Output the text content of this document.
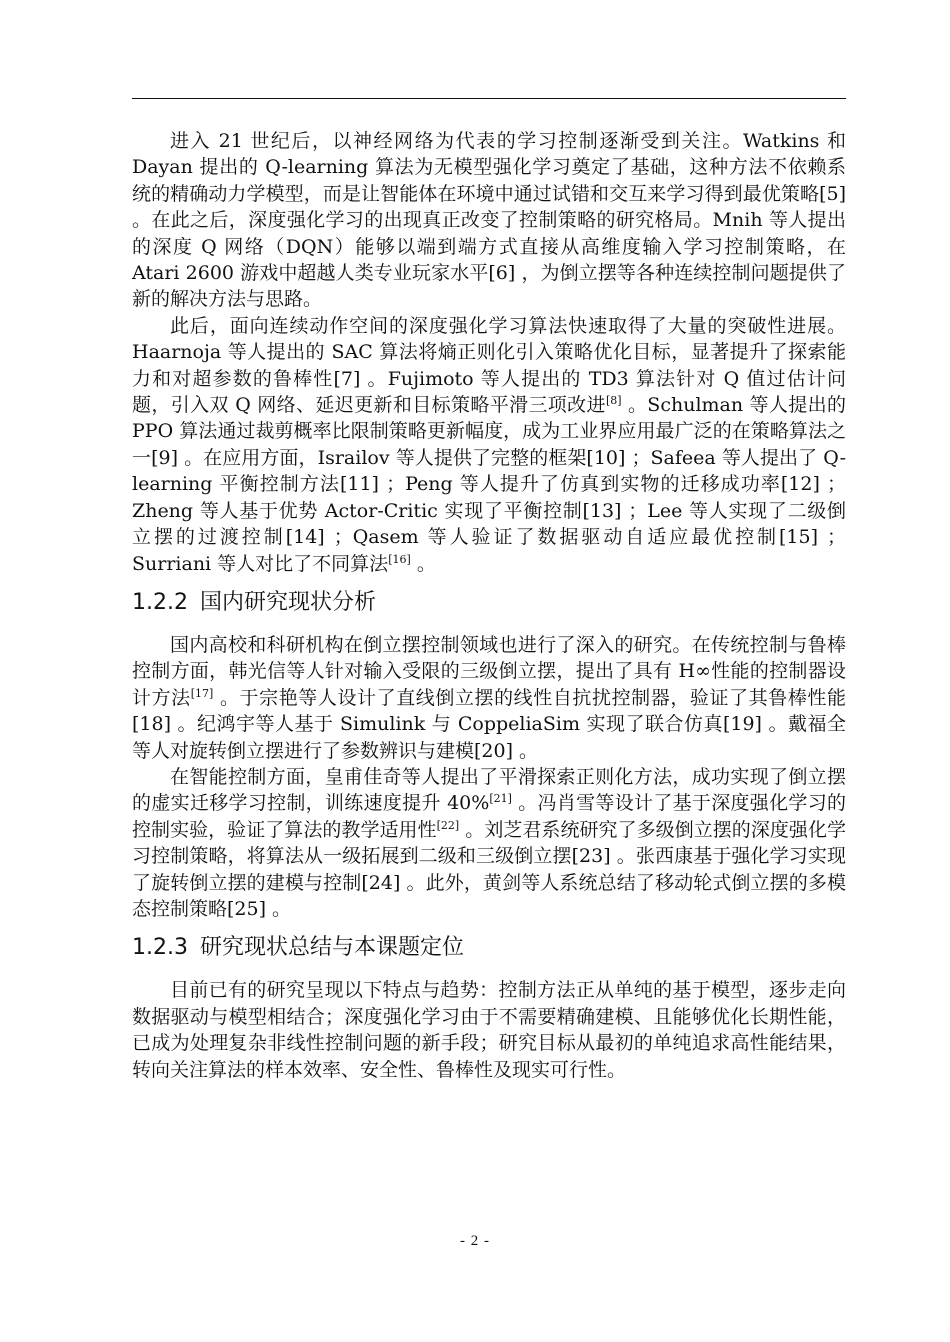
进入 21 世纪后，以神经网络为代表的学习控制逐渐受到关注。Watkins 和 Dayan 提出的 Q-learning 算法为无模型强化学习奠定了基础，这种方法不依赖系统的精确动力学模型，而是让智能体在环境中通过试错和交互来学习得到最优策略[5] 。在此之后，深度强化学习的出现真正改变了控制策略的研究格局。Mnih 等人提出的深度 Q 网络（DQN）能够以端到端方式直接从高维度输入学习控制策略，在 Atari 2600 游戏中超越人类专业玩家水平[6] ，为倒立摆等各种连续控制问题提供了新的解决方法与思路。

此后，面向连续动作空间的深度强化学习算法快速取得了大量的突破性进展。Haarnoja 等人提出的 SAC 算法将熵正则化引入策略优化目标，显著提升了探索能力和对超参数的鲁棒性[7] 。Fujimoto 等人提出的 TD3 算法针对 Q 值过估计问题，引入双 Q 网络、延迟更新和目标策略平滑三项改进[8] 。Schulman 等人提出的 PPO 算法通过裁剪概率比限制策略更新幅度，成为工业界应用最广泛的在策略算法之一[9] 。在应用方面，Israilov 等人提供了完整的框架[10] ；Safeea 等人提出了 Q-learning 平衡控制方法[11] ；Peng 等人提升了仿真到实物的迁移成功率[12] ；Zheng 等人基于优势 Actor-Critic 实现了平衡控制[13] ；Lee 等人实现了二级倒立摆的过渡控制[14] ；Qasem 等人验证了数据驱动自适应最优控制[15] ；Surriani 等人对比了不同算法[16] 。

1.2.2 国内研究现状分析

国内高校和科研机构在倒立摆控制领域也进行了深入的研究。在传统控制与鲁棒控制方面，韩光信等人针对输入受限的三级倒立摆，提出了具有 H∞性能的控制器设计方法[17] 。于宗艳等人设计了直线倒立摆的线性自抗扰控制器，验证了其鲁棒性能[18] 。纪鸿宇等人基于 Simulink 与 CoppeliaSim 实现了联合仿真[19] 。戴福全等人对旋转倒立摆进行了参数辨识与建模[20] 。

在智能控制方面，皇甫佳奇等人提出了平滑探索正则化方法，成功实现了倒立摆的虚实迁移学习控制，训练速度提升 40%[21] 。冯肖雪等设计了基于深度强化学习的控制实验，验证了算法的教学适用性[22] 。刘芝君系统研究了多级倒立摆的深度强化学习控制策略，将算法从一级拓展到二级和三级倒立摆[23] 。张西康基于强化学习实现了旋转倒立摆的建模与控制[24] 。此外，黄剑等人系统总结了移动轮式倒立摆的多模态控制策略[25] 。

1.2.3 研究现状总结与本课题定位

目前已有的研究呈现以下特点与趋势：控制方法正从单纯的基于模型，逐步走向数据驱动与模型相结合；深度强化学习由于不需要精确建模、且能够优化长期性能，已成为处理复杂非线性控制问题的新手段；研究目标从最初的单纯追求高性能结果，转向关注算法的样本效率、安全性、鲁棒性及现实可行性。

- 2 -
